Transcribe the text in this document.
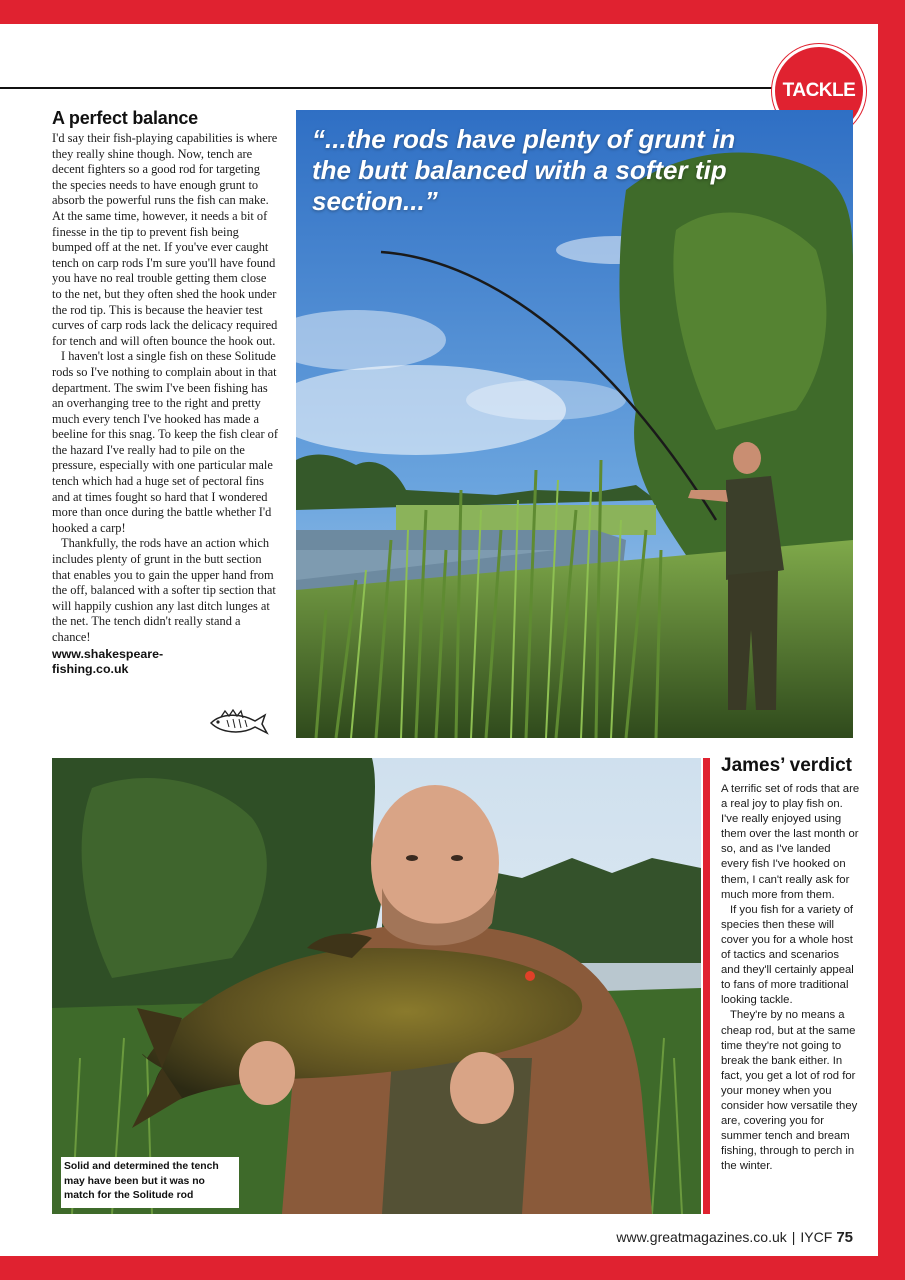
TACKLE
A perfect balance

I'd say their fish-playing capabilities is where they really shine though. Now, tench are decent fighters so a good rod for targeting the species needs to have enough grunt to absorb the powerful runs the fish can make. At the same time, however, it needs a bit of finesse in the tip to prevent fish being bumped off at the net. If you've ever caught tench on carp rods I'm sure you'll have found you have no real trouble getting them close to the net, but they often shed the hook under the rod tip. This is because the heavier test curves of carp rods lack the delicacy required for tench and will often bounce the hook out.

I haven't lost a single fish on these Solitude rods so I've nothing to complain about in that department. The swim I've been fishing has an overhanging tree to the right and pretty much every tench I've hooked has made a beeline for this snag. To keep the fish clear of the hazard I've really had to pile on the pressure, especially with one particular male tench which had a huge set of pectoral fins and at times fought so hard that I wondered more than once during the battle whether I'd hooked a carp!

Thankfully, the rods have an action which includes plenty of grunt in the butt section that enables you to gain the upper hand from the off, balanced with a softer tip section that will happily cushion any last ditch lunges at the net. The tench didn't really stand a chance!

www.shakespeare-fishing.co.uk
“...the rods have plenty of grunt in the butt balanced with a softer tip section...”
Solid and determined the tench may have been but it was no match for the Solitude rod
James’ verdict

A terrific set of rods that are a real joy to play fish on. I've really enjoyed using them over the last month or so, and as I've landed every fish I've hooked on them, I can't really ask for much more from them.

If you fish for a variety of species then these will cover you for a whole host of tactics and scenarios and they'll certainly appeal to fans of more traditional looking tackle.

They're by no means a cheap rod, but at the same time they're not going to break the bank either. In fact, you get a lot of rod for your money when you consider how versatile they are, covering you for summer tench and bream fishing, through to perch in the winter.

www.greatmagazines.co.uk | IYCF 75
